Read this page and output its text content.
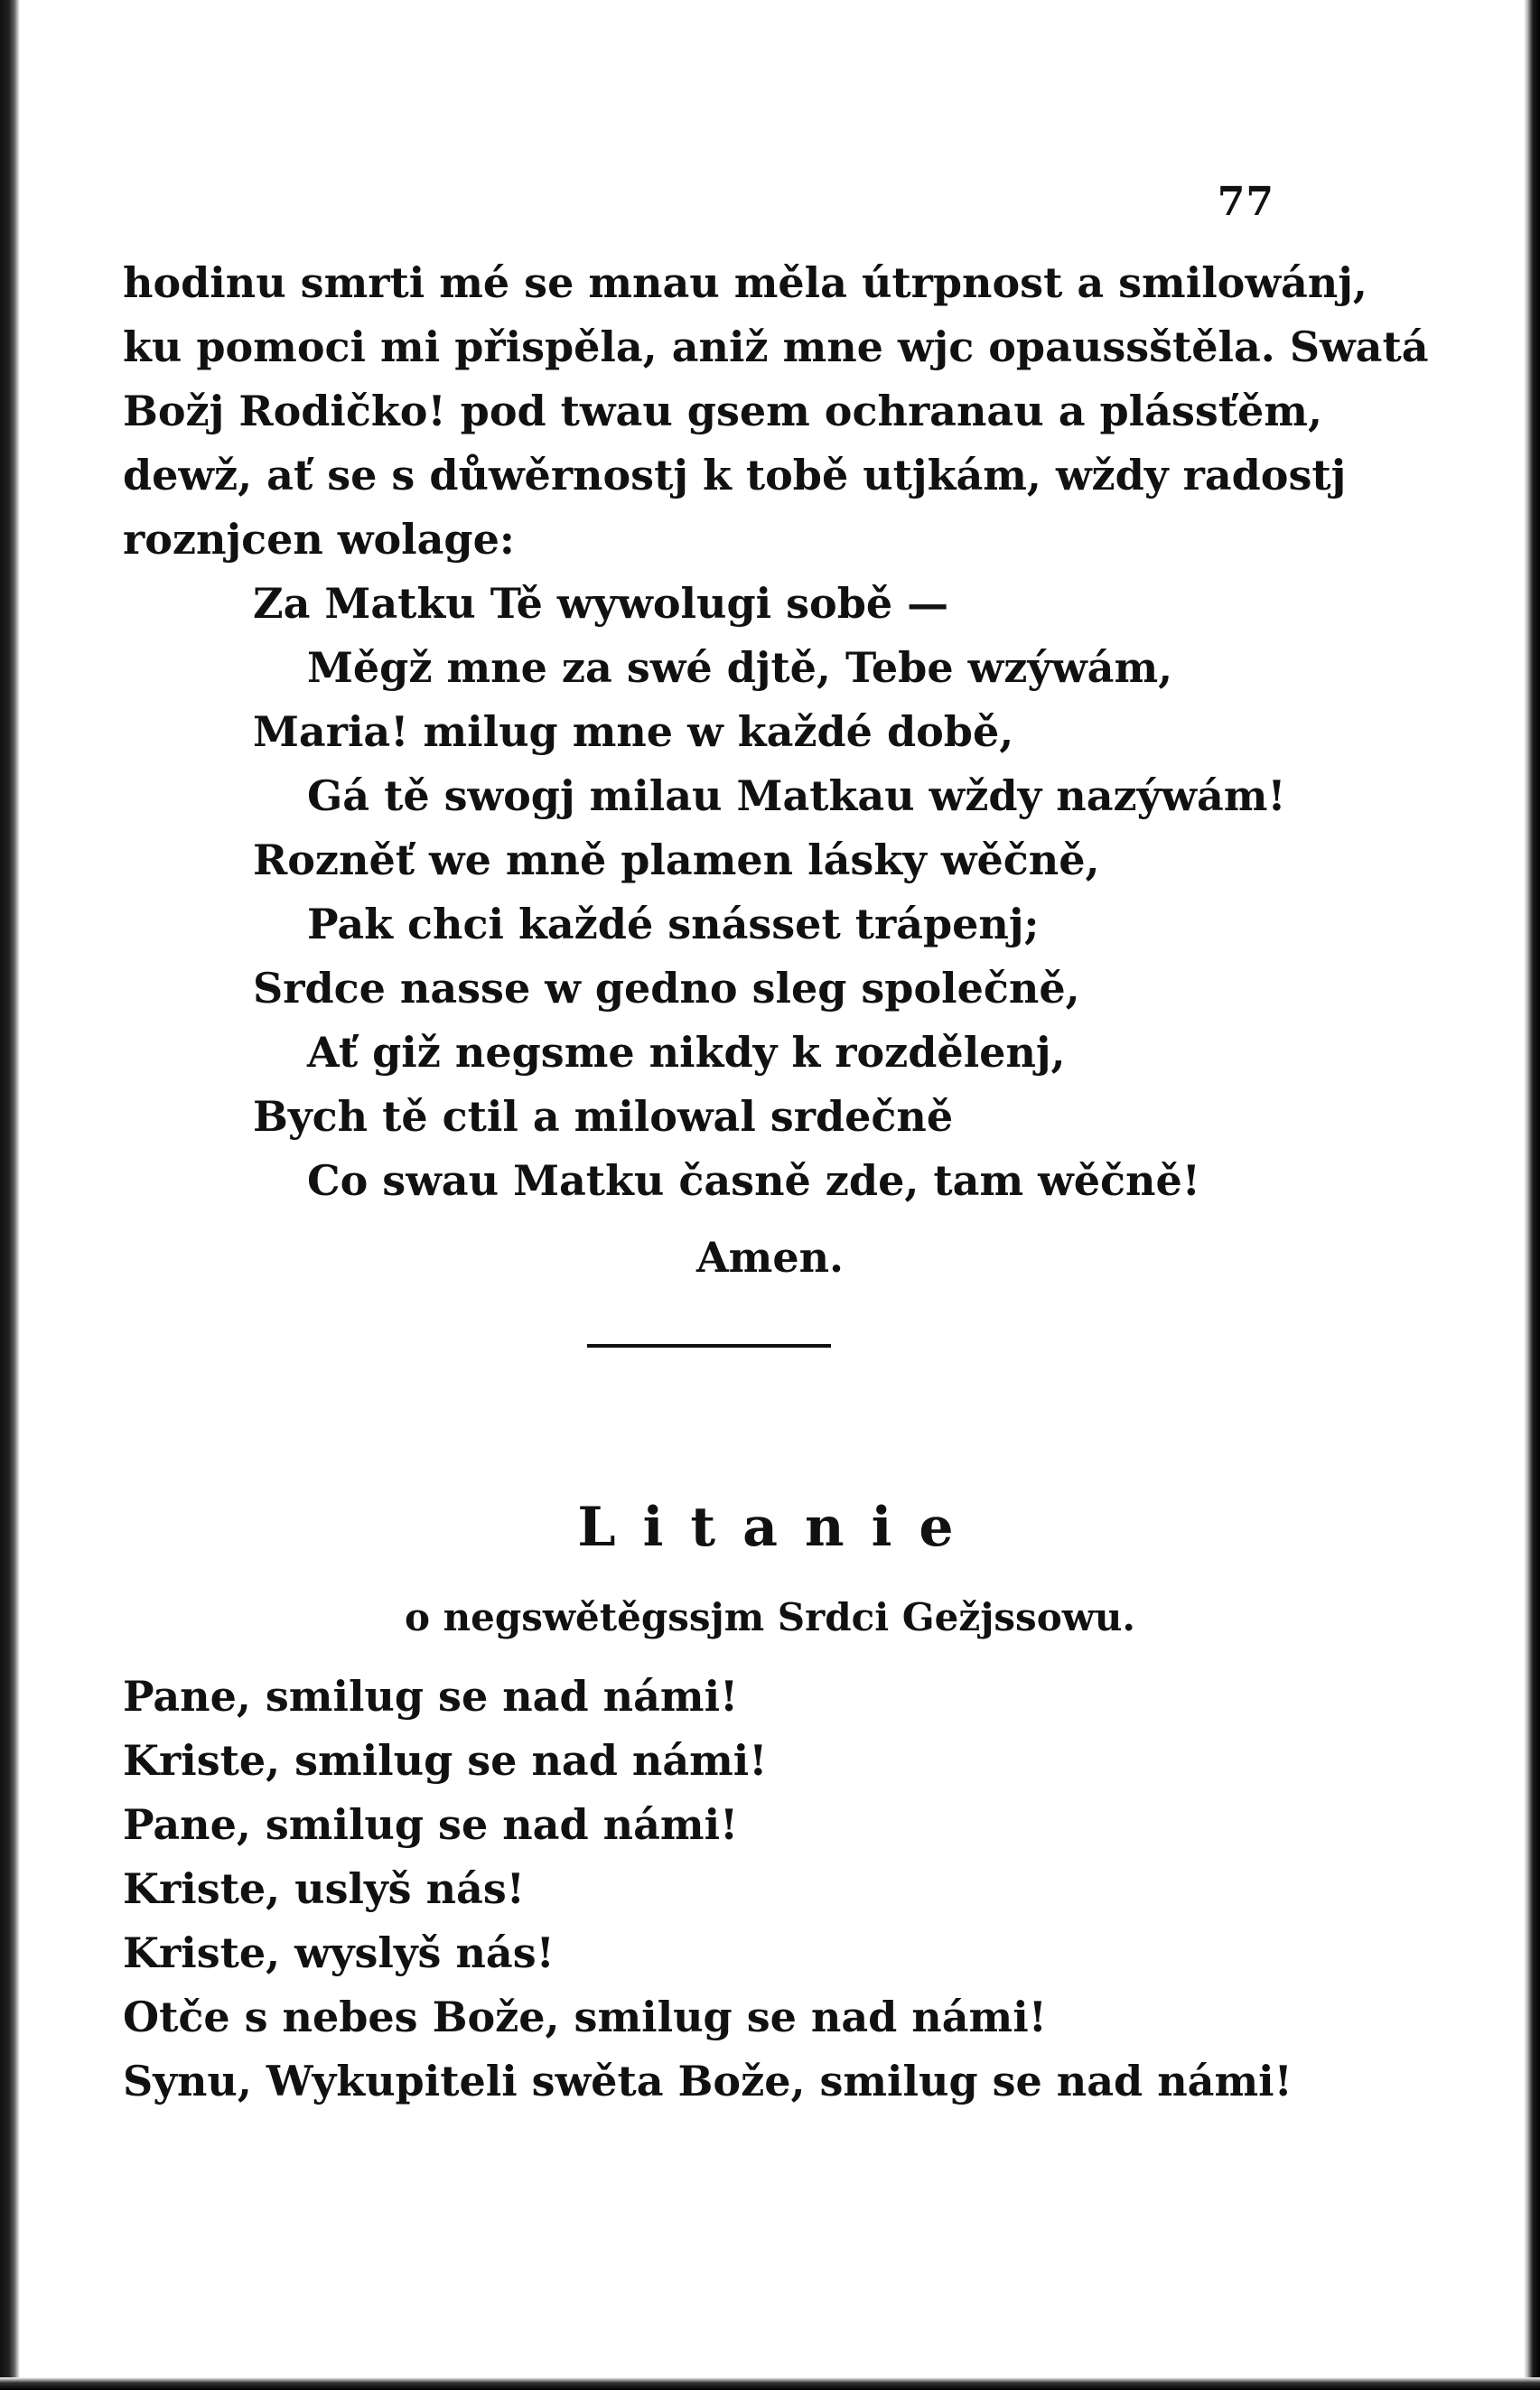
77
hodinu smrti mé se mnau měla útrpnost a smilowánj,
ku pomoci mi přispěla, aniž mne wjc opaussštěla. Swatá
Božj Rodičko! pod twau gsem ochranau a plássťěm,
dewž, ať se s důwěrnostj k tobě utjkám, wždy radostj
roznjcen wolage:
Za Matku Tě wywolugi sobě —
Měgž mne za swé djtě, Tebe wzýwám,
Maria! milug mne w každé době,
Gá tě swogj milau Matkau wždy nazýwám!
Rozněť we mně plamen lásky wěčně,
Pak chci každé snásset trápenj;
Srdce nasse w gedno sleg společně,
Ať giž negsme nikdy k rozdělenj,
Bych tě ctil a milowal srdečně
Co swau Matku časně zde, tam wěčně!
Amen.
Litanie
o negswětěgssjm Srdci Gežjssowu.
Pane, smilug se nad námi!
Kriste, smilug se nad námi!
Pane, smilug se nad námi!
Kriste, uslyš nás!
Kriste, wyslyš nás!
Otče s nebes Bože, smilug se nad námi!
Synu, Wykupiteli swěta Bože, smilug se nad námi!
